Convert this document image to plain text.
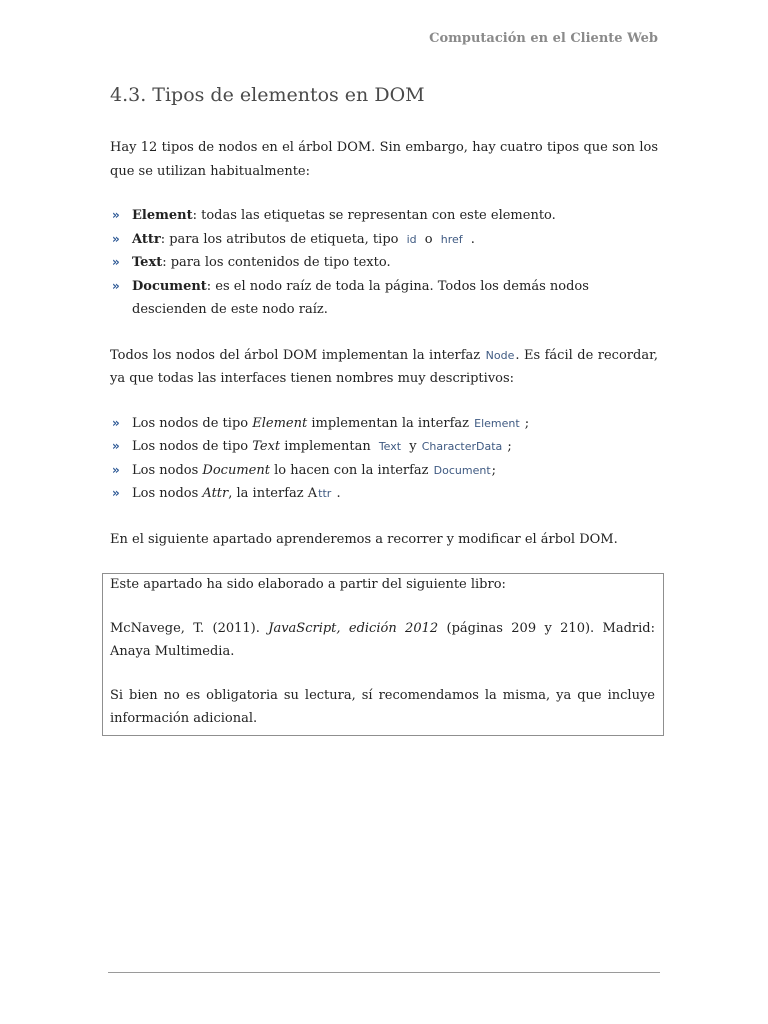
Computación en el Cliente Web
4.3. Tipos de elementos en DOM

Hay 12 tipos de nodos en el árbol DOM. Sin embargo, hay cuatro tipos que son los que se utilizan habitualmente:

» Element: todas las etiquetas se representan con este elemento.
» Attr: para los atributos de etiqueta, tipo id o href .
» Text: para los contenidos de tipo texto.
» Document: es el nodo raíz de toda la página. Todos los demás nodos descienden de este nodo raíz.

Todos los nodos del árbol DOM implementan la interfaz Node. Es fácil de recordar, ya que todas las interfaces tienen nombres muy descriptivos:

» Los nodos de tipo Element implementan la interfaz Element ;
» Los nodos de tipo Text implementan Text y CharacterData ;
» Los nodos Document lo hacen con la interfaz Document;
» Los nodos Attr, la interfaz Attr .

En el siguiente apartado aprenderemos a recorrer y modificar el árbol DOM.

Este apartado ha sido elaborado a partir del siguiente libro:

McNavege, T. (2011). JavaScript, edición 2012 (páginas 209 y 210). Madrid: Anaya Multimedia.

Si bien no es obligatoria su lectura, sí recomendamos la misma, ya que incluye información adicional.
